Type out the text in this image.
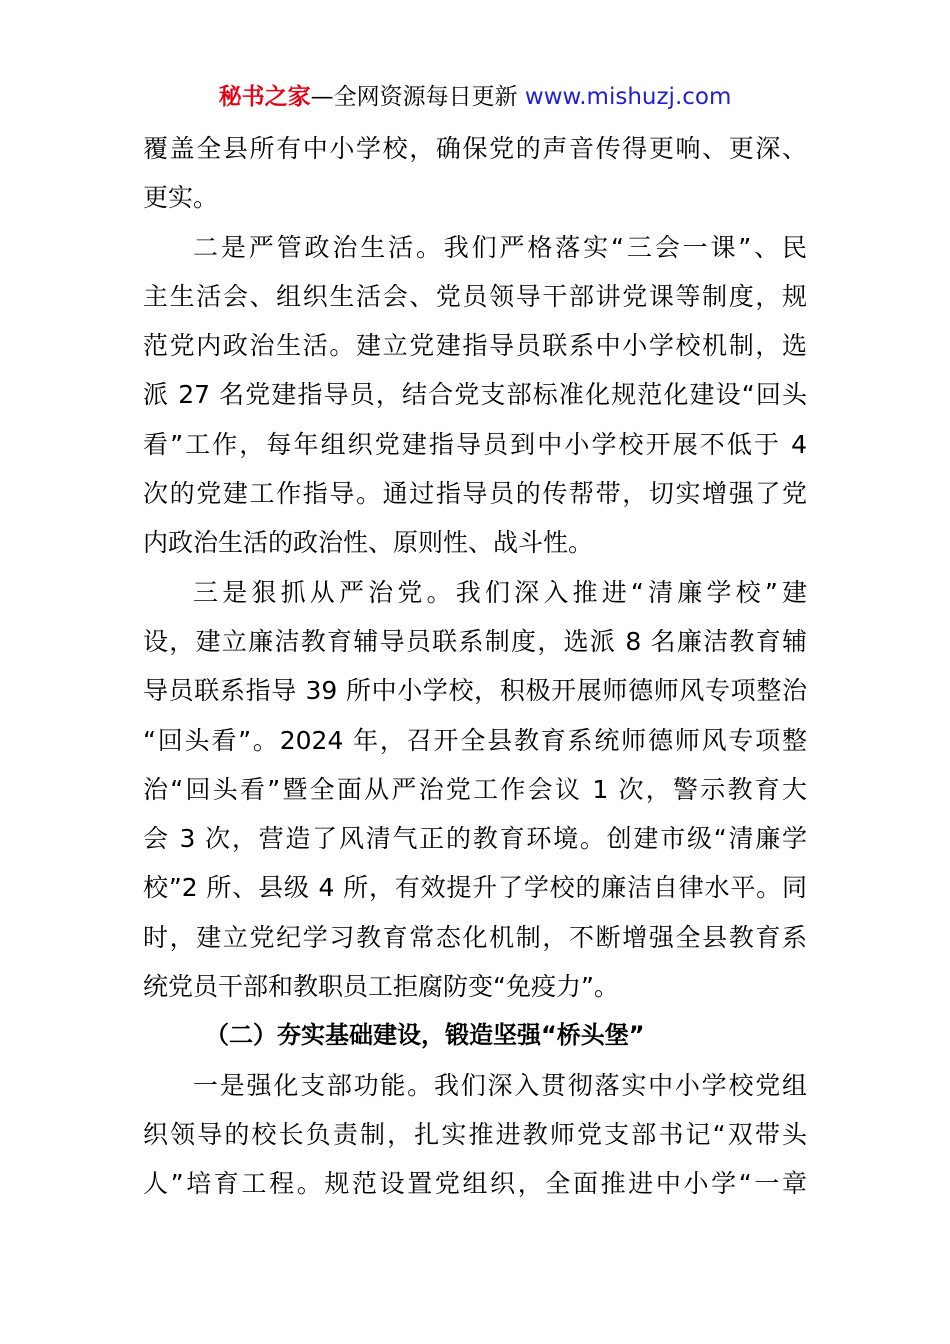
秘书之家—全网资源每日更新 www.mishuzj.com
覆盖全县所有中小学校，确保党的声音传得更响、更深、
更实。
二是严管政治生活。我们严格落实“三会一课”、民
主生活会、组织生活会、党员领导干部讲党课等制度，规
范党内政治生活。建立党建指导员联系中小学校机制，选
派 27 名党建指导员，结合党支部标准化规范化建设“回头
看”工作，每年组织党建指导员到中小学校开展不低于 4
次的党建工作指导。通过指导员的传帮带，切实增强了党
内政治生活的政治性、原则性、战斗性。
三是狠抓从严治党。我们深入推进“清廉学校”建
设，建立廉洁教育辅导员联系制度，选派 8 名廉洁教育辅
导员联系指导 39 所中小学校，积极开展师德师风专项整治
“回头看”。2024 年，召开全县教育系统师德师风专项整
治“回头看”暨全面从严治党工作会议 1 次，警示教育大
会 3 次，营造了风清气正的教育环境。创建市级“清廉学
校”2 所、县级 4 所，有效提升了学校的廉洁自律水平。同
时，建立党纪学习教育常态化机制，不断增强全县教育系
统党员干部和教职员工拒腐防变“免疫力”。
（二）夯实基础建设，锻造坚强“桥头堡”
一是强化支部功能。我们深入贯彻落实中小学校党组
织领导的校长负责制，扎实推进教师党支部书记“双带头
人”培育工程。规范设置党组织，全面推进中小学“一章
